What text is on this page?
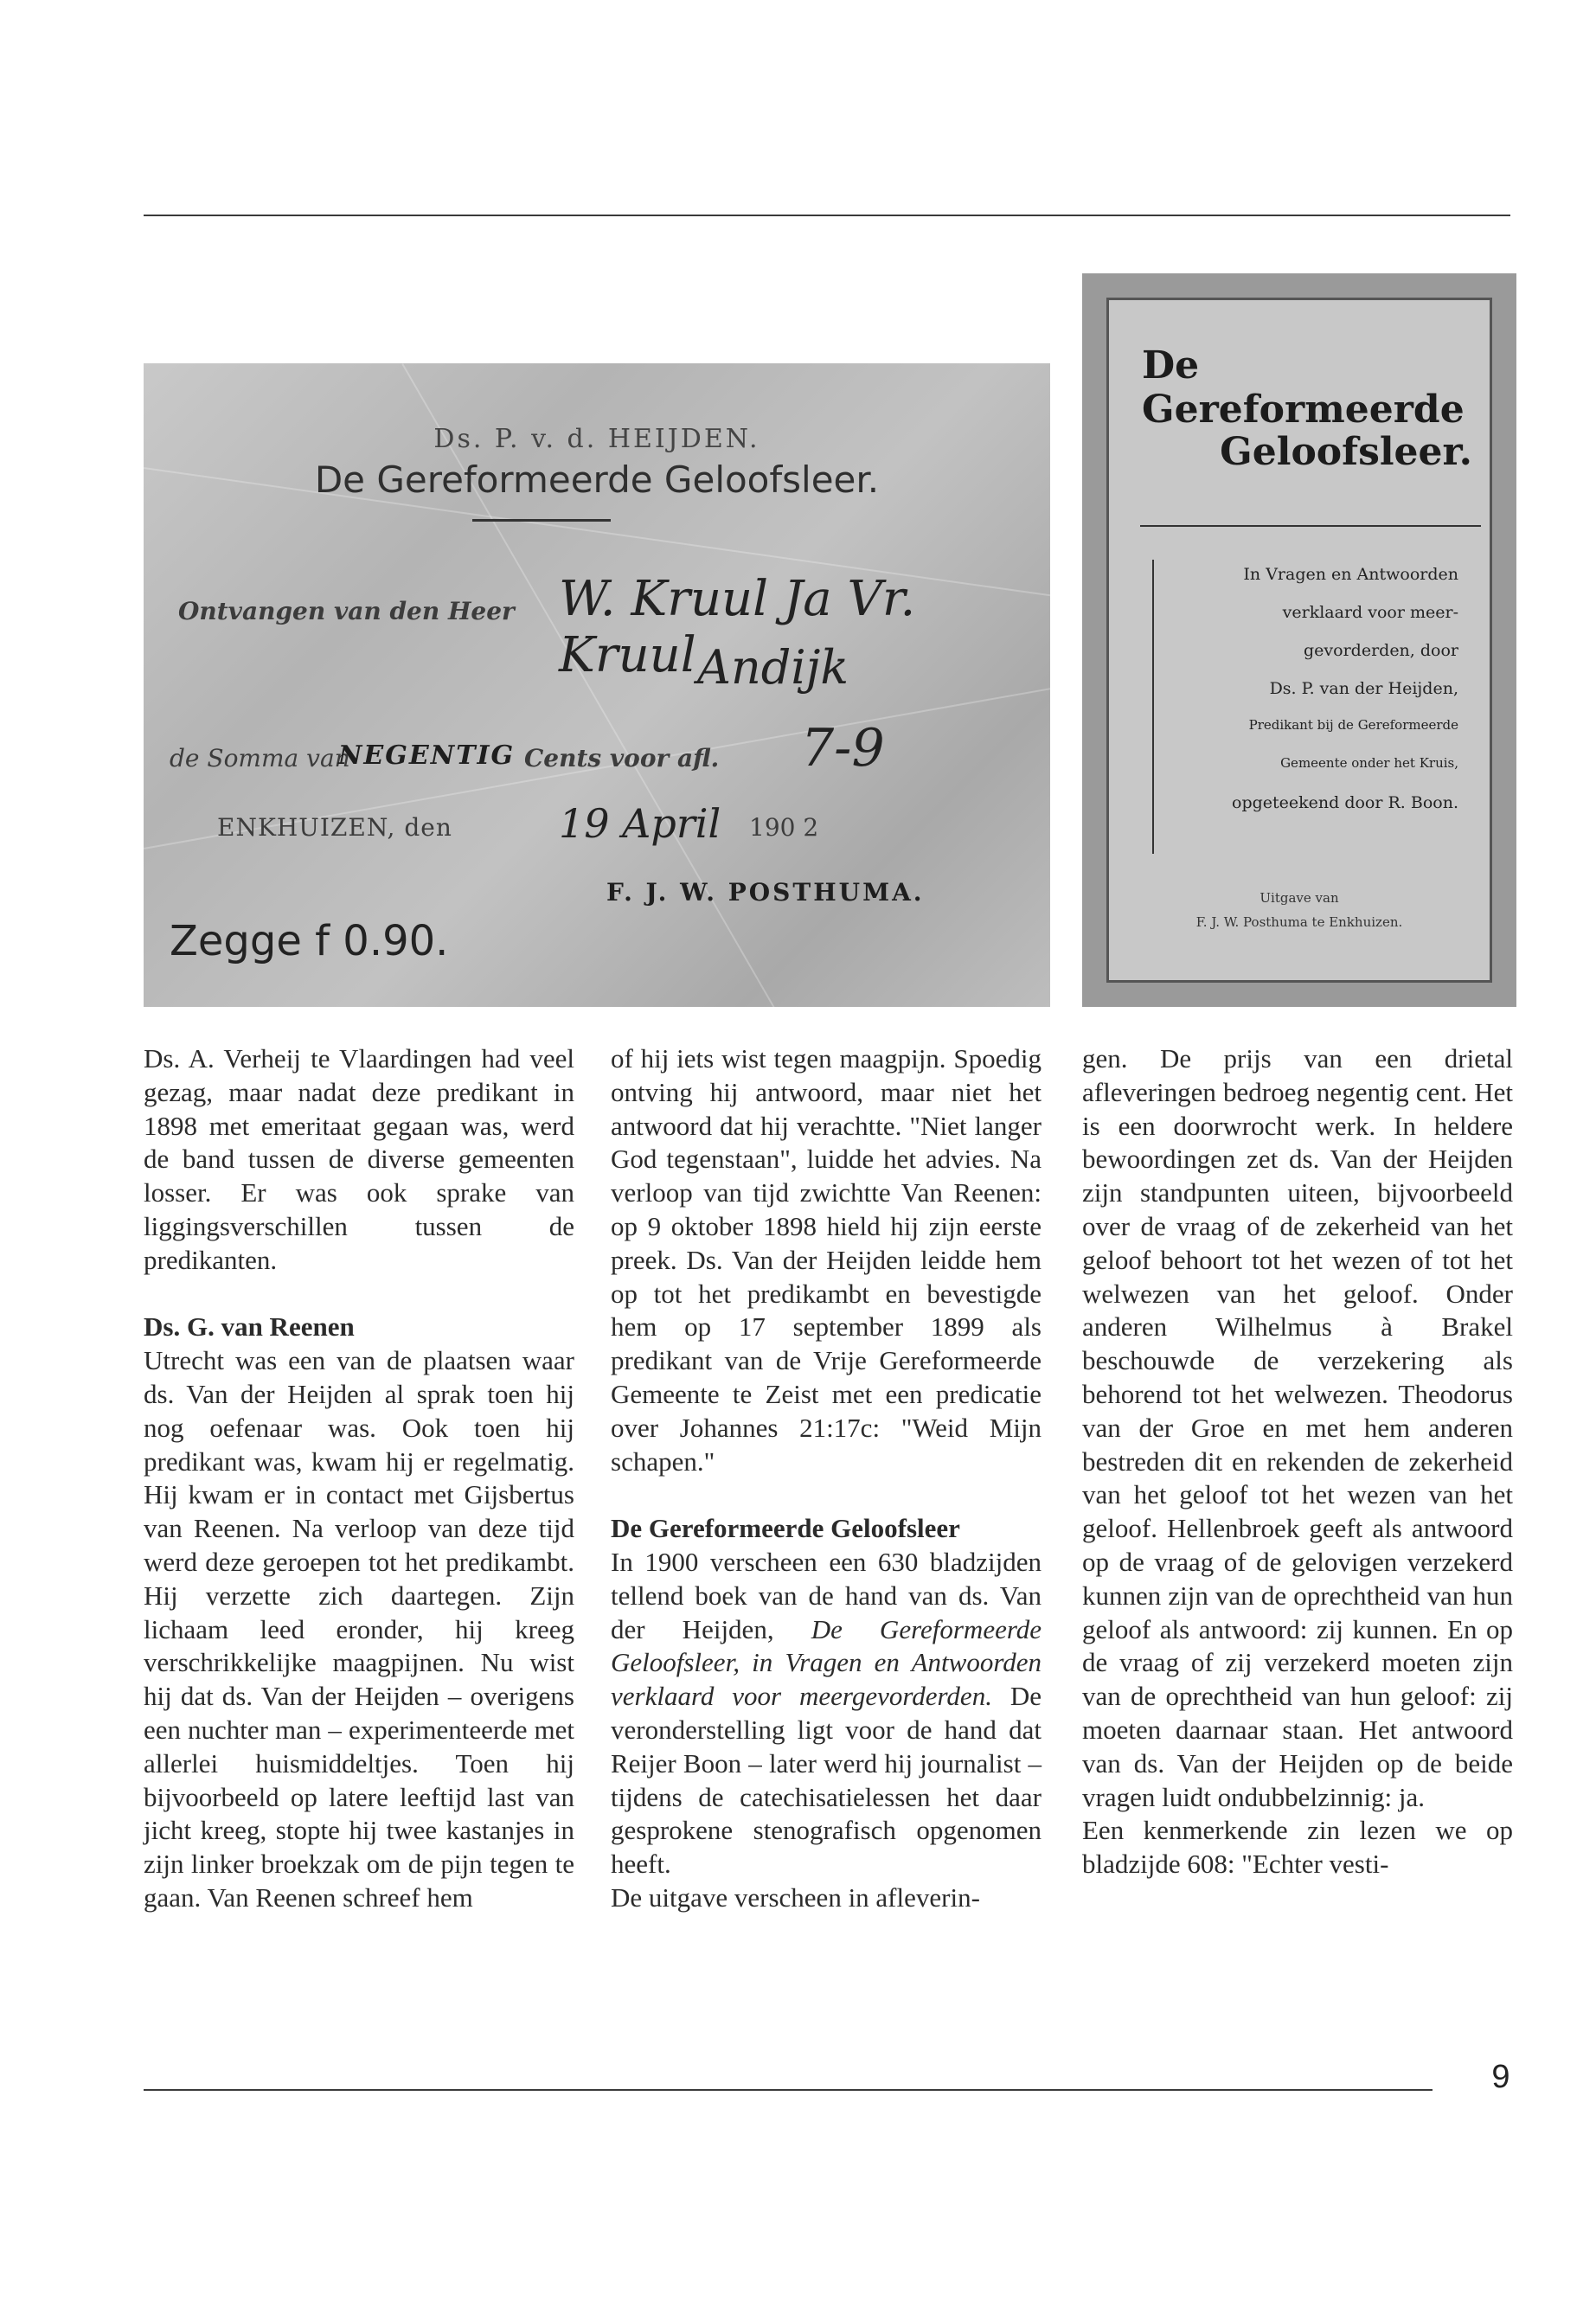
Ds. P. v. d. HEIJDEN.
De Gereformeerde Geloofsleer.
Ontvangen van den Heer W. Kruul Ja Vr. Kruul Andijk
de Somma van
NEGENTIG Cents voor afl. 7-9
ENKHUIZEN, den	19 April 190 2
F. J. W. POSTHUMA.
Zegge f 0.90.
De Gereformeerde
Geloofsleer.
In Vragen en Antwoorden
verklaard voor meer-
gevorderden, door
Ds. P. van der Heijden,
Predikant bij de Gereformeerde
Gemeente onder het Kruis,
opgeteekend door R. Boon.
Uitgave van
F. J. W. Posthuma te Enkhuizen.

Ds. A. Verheij te Vlaardingen had veel gezag, maar nadat deze predikant in 1898 met emeritaat gegaan was, werd de band tussen de diverse gemeenten losser. Er was ook sprake van liggingsverschillen tussen de predikanten.

Ds. G. van Reenen

Utrecht was een van de plaatsen waar ds. Van der Heijden al sprak toen hij nog oefenaar was. Ook toen hij predikant was, kwam hij er regelmatig. Hij kwam er in contact met Gijsbertus van Reenen. Na verloop van deze tijd werd deze geroepen tot het predikambt. Hij verzette zich daartegen. Zijn lichaam leed eronder, hij kreeg verschrikkelijke maagpijnen. Nu wist hij dat ds. Van der Heijden – overigens een nuchter man – experimenteerde met allerlei huismiddeltjes. Toen hij bijvoorbeeld op latere leeftijd last van jicht kreeg, stopte hij twee kastanjes in zijn linker broekzak om de pijn tegen te gaan. Van Reenen schreef hem

of hij iets wist tegen maagpijn. Spoedig ontving hij antwoord, maar niet het antwoord dat hij verachtte. "Niet langer God tegenstaan", luidde het advies. Na verloop van tijd zwichtte Van Reenen: op 9 oktober 1898 hield hij zijn eerste preek. Ds. Van der Heijden leidde hem op tot het predikambt en bevestigde hem op 17 september 1899 als predikant van de Vrije Gereformeerde Gemeente te Zeist met een predicatie over Johannes 21:17c: "Weid Mijn schapen."

De Gereformeerde Geloofsleer

In 1900 verscheen een 630 bladzijden tellend boek van de hand van ds. Van der Heijden, De Gereformeerde Geloofsleer, in Vragen en Antwoorden verklaard voor meergevorderden. De veronderstelling ligt voor de hand dat Reijer Boon – later werd hij journalist – tijdens de catechisatielessen het daar gesprokene stenografisch opgenomen heeft.

De uitgave verscheen in afleverin-

gen. De prijs van een drietal afleveringen bedroeg negentig cent. Het is een doorwrocht werk. In heldere bewoordingen zet ds. Van der Heijden zijn standpunten uiteen, bijvoorbeeld over de vraag of de zekerheid van het geloof behoort tot het wezen of tot het welwezen van het geloof. Onder anderen Wilhelmus à Brakel beschouwde de verzekering als behorend tot het welwezen. Theodorus van der Groe en met hem anderen bestreden dit en rekenden de zekerheid van het geloof tot het wezen van het geloof. Hellenbroek geeft als antwoord op de vraag of de gelovigen verzekerd kunnen zijn van de oprechtheid van hun geloof als antwoord: zij kunnen. En op de vraag of zij verzekerd moeten zijn van de oprechtheid van hun geloof: zij moeten daarnaar staan. Het antwoord van ds. Van der Heijden op de beide vragen luidt ondubbelzinnig: ja.

Een kenmerkende zin lezen we op bladzijde 608: "Echter vesti-

9
